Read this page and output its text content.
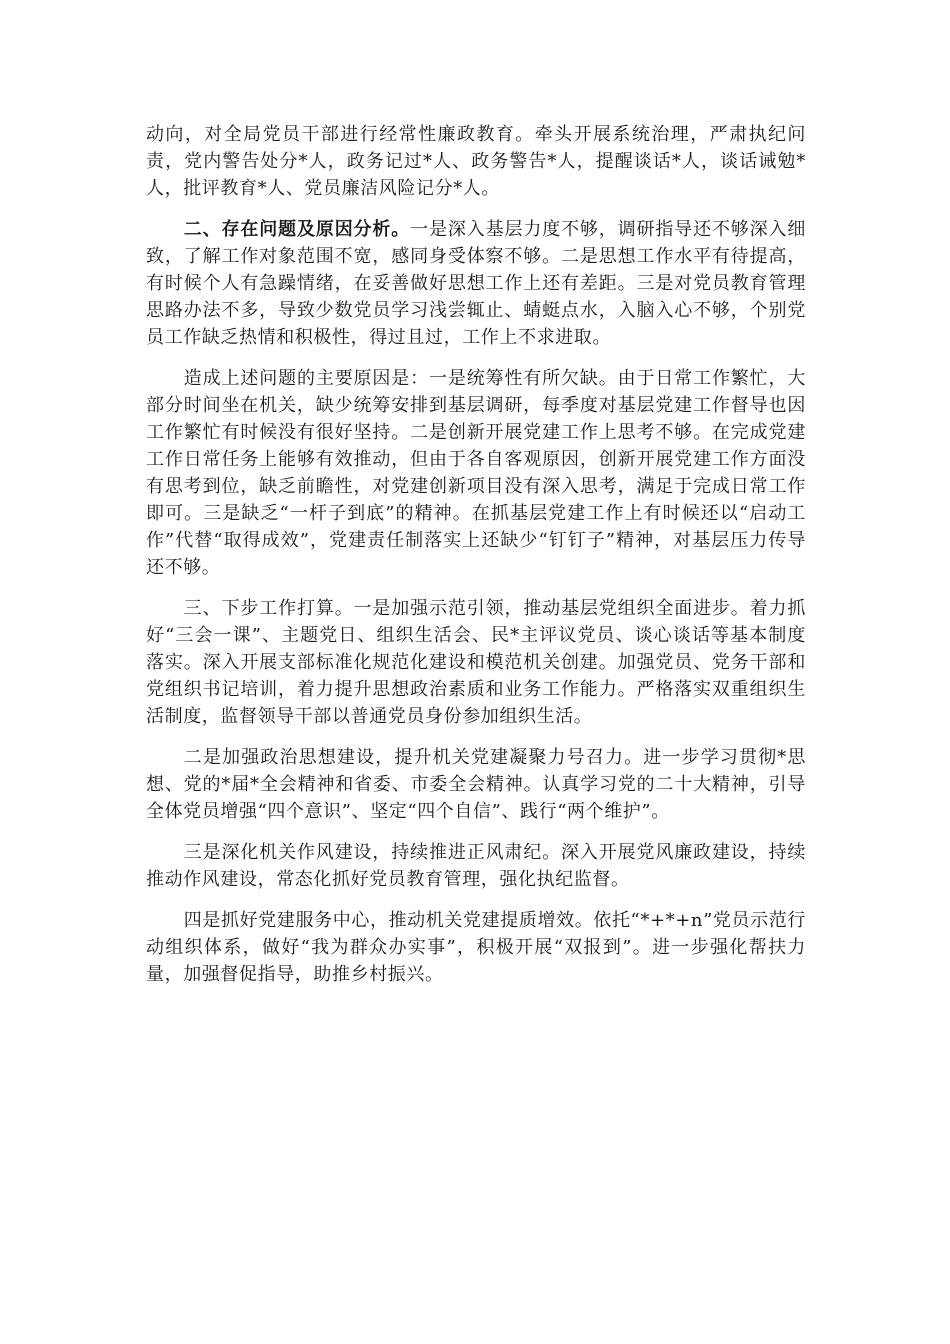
动向，对全局党员干部进行经常性廉政教育。牵头开展系统治理，严肃执纪问责，党内警告处分*人，政务记过*人、政务警告*人，提醒谈话*人，谈话诫勉*人，批评教育*人、党员廉洁风险记分*人。

二、存在问题及原因分析。一是深入基层力度不够，调研指导还不够深入细致，了解工作对象范围不宽，感同身受体察不够。二是思想工作水平有待提高，有时候个人有急躁情绪，在妥善做好思想工作上还有差距。三是对党员教育管理思路办法不多，导致少数党员学习浅尝辄止、蜻蜓点水，入脑入心不够，个别党员工作缺乏热情和积极性，得过且过，工作上不求进取。

造成上述问题的主要原因是：一是统筹性有所欠缺。由于日常工作繁忙，大部分时间坐在机关，缺少统筹安排到基层调研，每季度对基层党建工作督导也因工作繁忙有时候没有很好坚持。二是创新开展党建工作上思考不够。在完成党建工作日常任务上能够有效推动，但由于各自客观原因，创新开展党建工作方面没有思考到位，缺乏前瞻性，对党建创新项目没有深入思考，满足于完成日常工作即可。三是缺乏“一杆子到底”的精神。在抓基层党建工作上有时候还以“启动工作”代替“取得成效”，党建责任制落实上还缺少“钉钉子”精神，对基层压力传导还不够。

三、下步工作打算。一是加强示范引领，推动基层党组织全面进步。着力抓好“三会一课”、主题党日、组织生活会、民*主评议党员、谈心谈话等基本制度落实。深入开展支部标准化规范化建设和模范机关创建。加强党员、党务干部和党组织书记培训，着力提升思想政治素质和业务工作能力。严格落实双重组织生活制度，监督领导干部以普通党员身份参加组织生活。

二是加强政治思想建设，提升机关党建凝聚力号召力。进一步学习贯彻*思想、党的*届*全会精神和省委、市委全会精神。认真学习党的二十大精神，引导全体党员增强“四个意识”、坚定“四个自信”、践行“两个维护”。

三是深化机关作风建设，持续推进正风肃纪。深入开展党风廉政建设，持续推动作风建设，常态化抓好党员教育管理，强化执纪监督。

四是抓好党建服务中心，推动机关党建提质增效。依托“*+*+n”党员示范行动组织体系，做好“我为群众办实事”，积极开展“双报到”。进一步强化帮扶力量，加强督促指导，助推乡村振兴。
